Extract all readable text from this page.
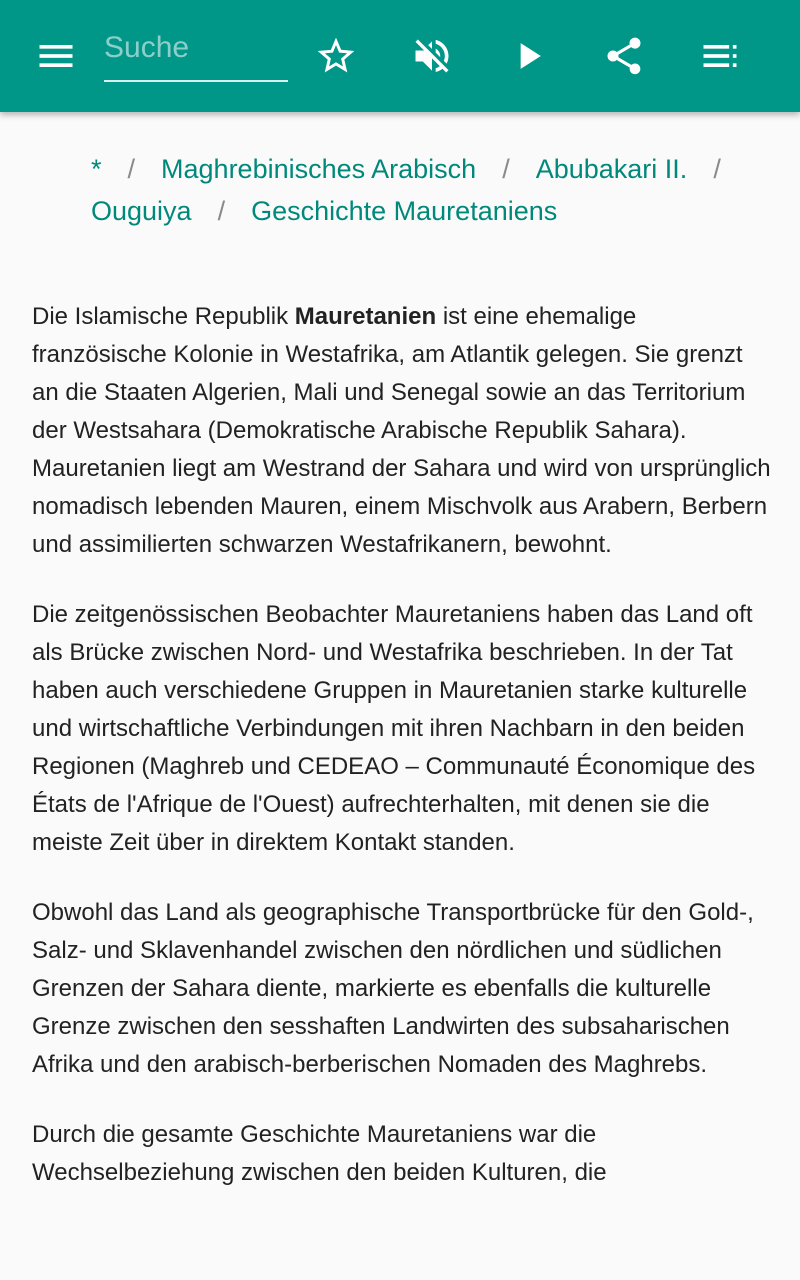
Suche
* / Maghrebinisches Arabisch / Abubakari II. /
Ouguiya / Geschichte Mauretaniens

Die Islamische Republik Mauretanien ist eine ehemalige französische Kolonie in Westafrika, am Atlantik gelegen. Sie grenzt an die Staaten Algerien, Mali und Senegal sowie an das Territorium der Westsahara (Demokratische Arabische Republik Sahara). Mauretanien liegt am Westrand der Sahara und wird von ursprünglich nomadisch lebenden Mauren, einem Mischvolk aus Arabern, Berbern und assimilierten schwarzen Westafrikanern, bewohnt.

Die zeitgenössischen Beobachter Mauretaniens haben das Land oft als Brücke zwischen Nord- und Westafrika beschrieben. In der Tat haben auch verschiedene Gruppen in Mauretanien starke kulturelle und wirtschaftliche Verbindungen mit ihren Nachbarn in den beiden Regionen (Maghreb und CEDEAO – Communauté Économique des États de l'Afrique de l'Ouest) aufrechterhalten, mit denen sie die meiste Zeit über in direktem Kontakt standen.

Obwohl das Land als geographische Transportbrücke für den Gold-, Salz- und Sklavenhandel zwischen den nördlichen und südlichen Grenzen der Sahara diente, markierte es ebenfalls die kulturelle Grenze zwischen den sesshaften Landwirten des subsaharischen Afrika und den arabisch-berberischen Nomaden des Maghrebs.

Durch die gesamte Geschichte Mauretaniens war die Wechselbeziehung zwischen den beiden Kulturen, die
